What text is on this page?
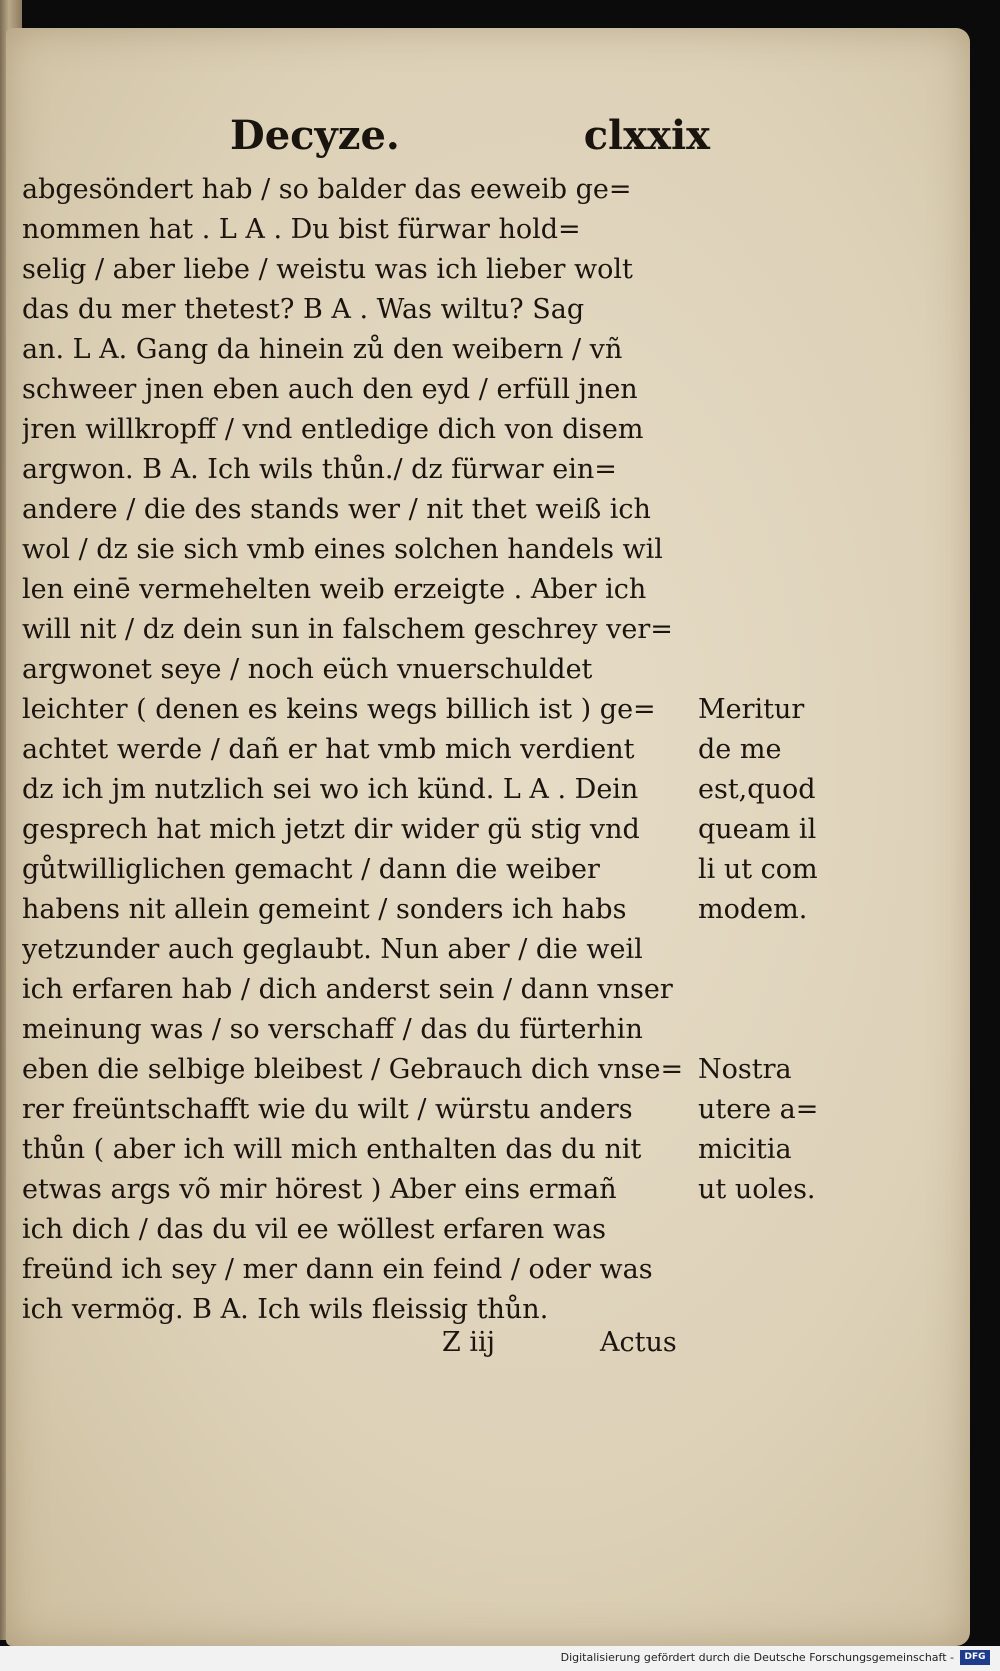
Decyze.	clxxix
abgesöndert hab / so balder das eeweib ge=
nommen hat . L A . Du bist fürwar hold=
selig / aber liebe / weistu was ich lieber wolt
das du mer thetest? B A . Was wiltu? Sag
an. L A. Gang da hinein zů den weibern / vñ
schweer jnen eben auch den eyd / erfüll jnen
jren willkropff / vnd entledige dich von disem
argwon. B A. Ich wils thůn./ dz fürwar ein=
andere / die des stands wer / nit thet weiß ich
wol / dz sie sich vmb eines solchen handels wil
len einē vermehelten weib erzeigte . Aber ich
will nit / dz dein sun in falschem geschrey ver=
argwonet seye / noch eüch vnuerschuldet
leichter ( denen es keins wegs billich ist ) ge=
achtet werde / dañ er hat vmb mich verdient
dz ich jm nutzlich sei wo ich künd. L A . Dein
gesprech hat mich jetzt dir wider gü stig vnd
gůtwilliglichen gemacht / dann die weiber
habens nit allein gemeint / sonders ich habs
yetzunder auch geglaubt. Nun aber / die weil
ich erfaren hab / dich anderst sein / dann vnser
meinung was / so verschaff / das du fürterhin
eben die selbige bleibest / Gebrauch dich vnse=
rer freüntschafft wie du wilt / würstu anders
thůn ( aber ich will mich enthalten das du nit
etwas args võ mir hörest ) Aber eins ermañ
ich dich / das du vil ee wöllest erfaren was
freünd ich sey / mer dann ein feind / oder was
ich vermög. B A. Ich wils fleissig thůn.
Meritur
de me
est,quod
queam il
li ut com
modem.
Nostra
utere a=
micitia
ut uoles.
Z iij	Actus
Digitalisierung gefördert durch die Deutsche Forschungsgemeinschaft -	DFG
